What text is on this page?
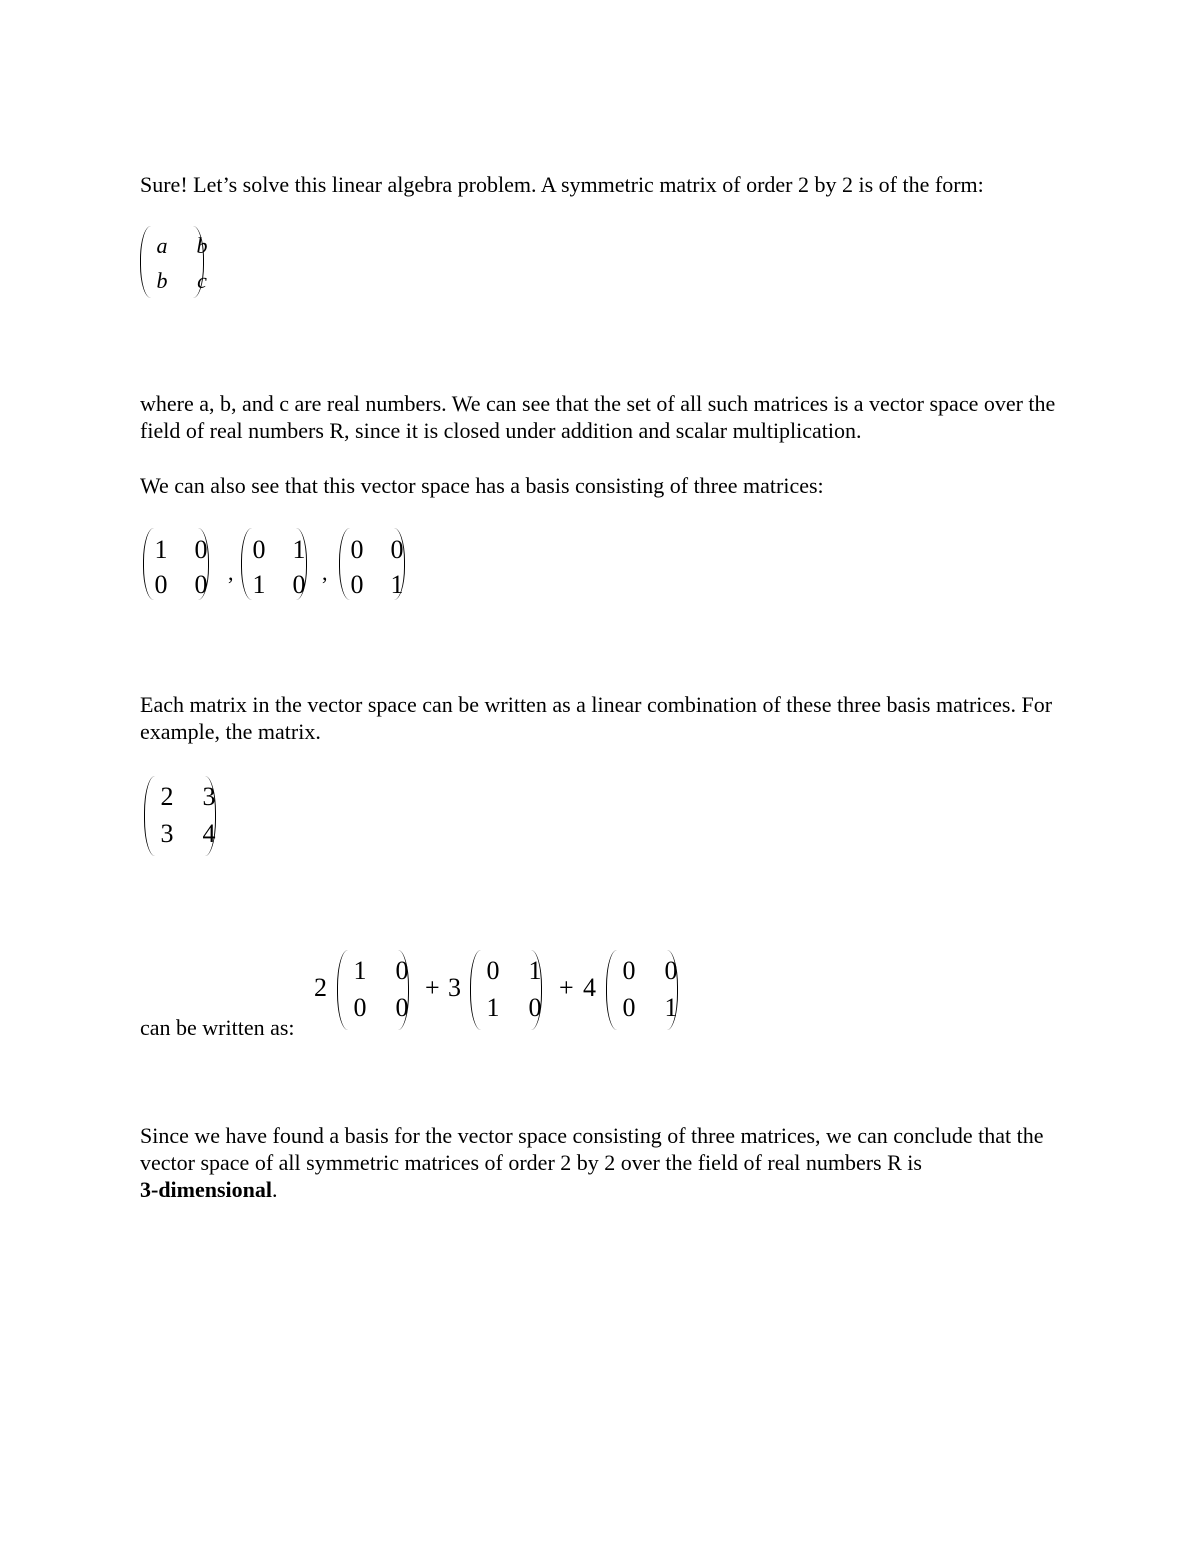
Sure! Let’s solve this linear algebra problem. A symmetric matrix of order 2 by 2 is of the form:
a b
b	c
where a, b, and c are real numbers. We can see that the set of all such matrices is a vector space over the field of real numbers R, since it is closed under addition and scalar multiplication.
We can also see that this vector space has a basis consisting of three matrices:
1 0
0 0 ,
0 1
1 0 ,
0 0
0 1
Each matrix in the vector space can be written as a linear combination of these three basis matrices. For example, the matrix.
2 3
3 4
can be written as:
2
1 0
0 0
+ 3
0 1
1 0
+ 4
0 0
0 1
Since we have found a basis for the vector space consisting of three matrices, we can conclude that the vector space of all symmetric matrices of order 2 by 2 over the field of real numbers R is
3-dimensional.
